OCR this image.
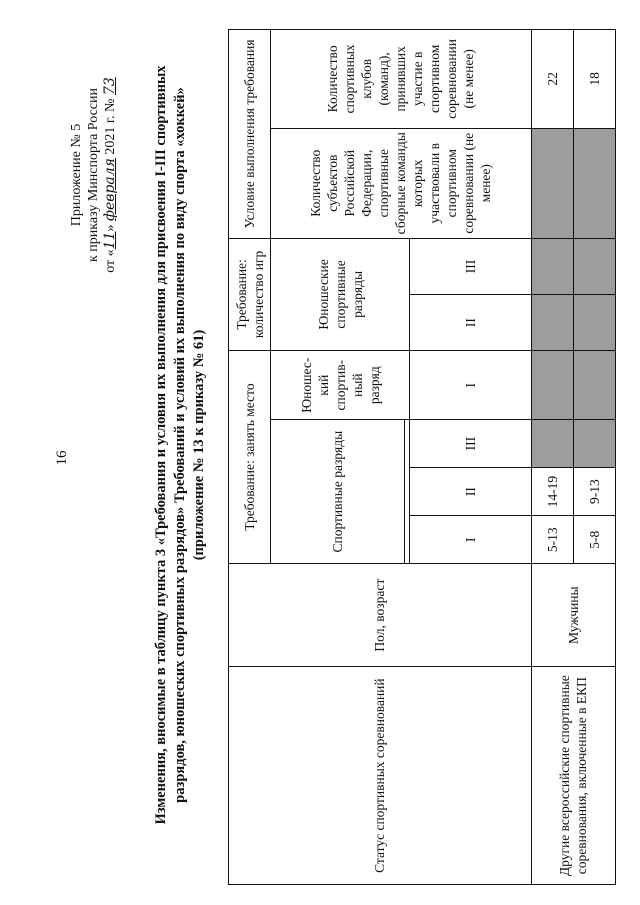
16
Приложение № 5 к приказу Минспорта России от «11» февраля 2021 г. № 73 Изменения, вносимые в таблицу пункта 3 «Требования и условия их выполнения для присвоения I-III спортивных разрядов, юношеских спортивных разрядов» Требований и условий их выполнения по виду спорта «хоккей» (приложение № 13 к приказу № 61)
Статус спортивных соревнований	Пол, возраст	Требование: занять место				Требование: количество игр		Условие выполнения требования	
		Спортивные разряды			Юношес-кий спортив-ный разряд	Юношеские спортивные разряды		Количество субъектов Российской Федерации, спортивные сборные команды которых участвовали в спортивном соревновании (не менее)	Количество спортивных клубов (команд), принявших участие в спортивном соревновании (не менее)

		I	II	III	I	II	III		
Другие всероссийские спортивные соревнования, включенные в ЕКП	Мужчины	5-13	14-19						22
		5-8	9-13						18
